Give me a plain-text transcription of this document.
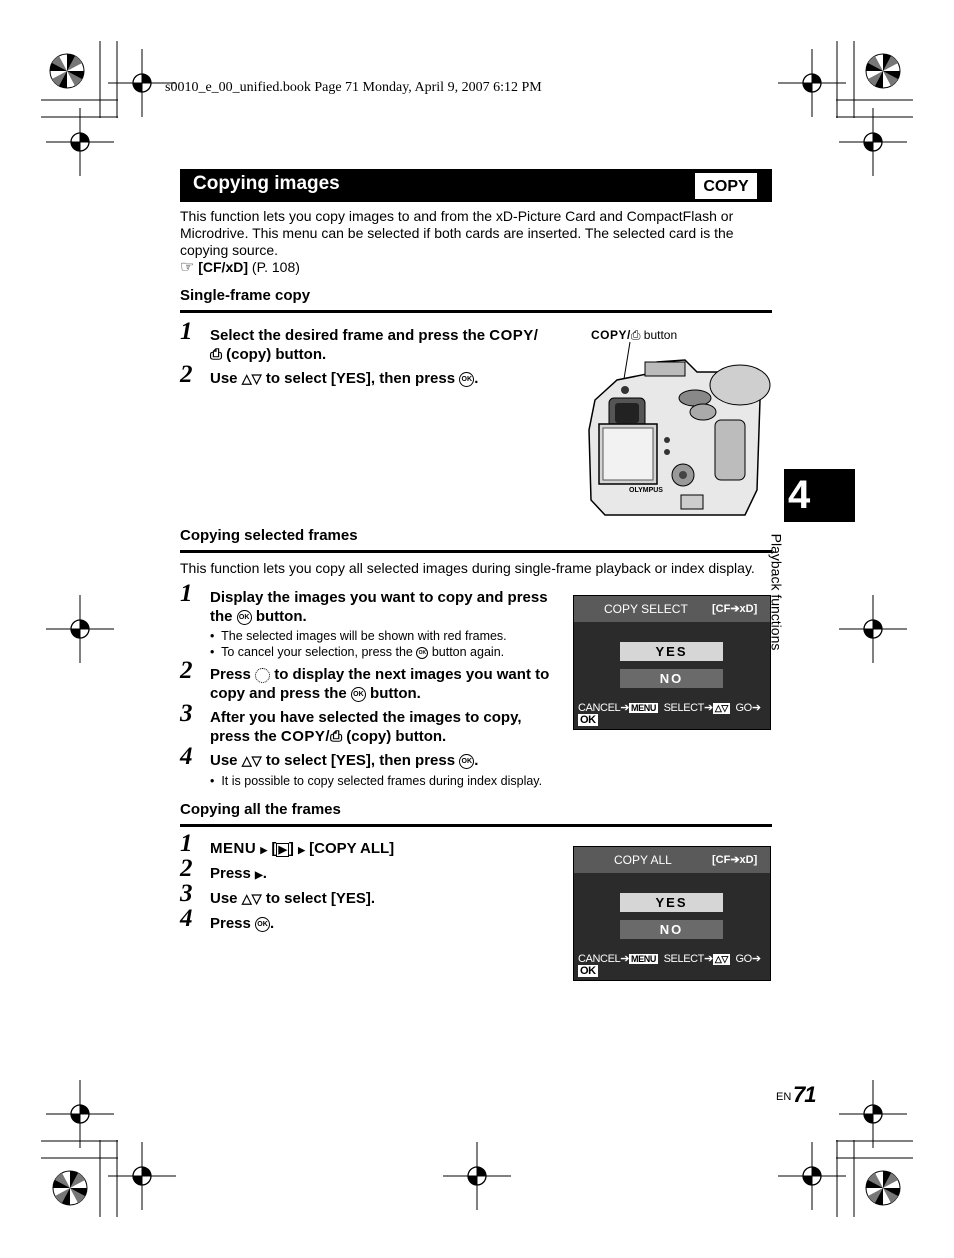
s0010_e_00_unified.book Page 71 Monday, April 9, 2007 6:12 PM
Copying images	COPY
This function lets you copy images to and from the xD-Picture Card and CompactFlash or Microdrive. This menu can be selected if both cards are inserted. The selected card is the copying source.
☞ [CF/xD] (P. 108)
Single-frame copy
1 Select the desired frame and press the COPY/
⎙ (copy) button.
2 Use △▽ to select [YES], then press OK .
COPY/⎙ button
OLYMPUS
Copying selected frames
This function lets you copy all selected images during single-frame playback or index display.
1 Display the images you want to copy and press the OK button.
•  The selected images will be shown with red frames.
•  To cancel your selection, press the OK button again.
2 Press  to display the next images you want to copy and press the OK button.
3 After you have selected the images to copy, press the COPY/⎙ (copy) button.
4 Use △▽ to select [YES], then press OK .
•  It is possible to copy selected frames during index display.
COPY SELECT [CF➔xD]
YES
NO
CANCEL➔ MENU SELECT➔ △▽ GO➔OK
Copying all the frames
1 MENU ▶ [ ▶ ] ▶ [COPY ALL]
2 Press ▶.
3 Use △▽ to select [YES].
4 Press OK .
COPY ALL	[CF➔xD]
YES
NO
CANCEL➔ MENU SELECT➔ △▽ GO➔OK
4
Playback functions
EN 71
